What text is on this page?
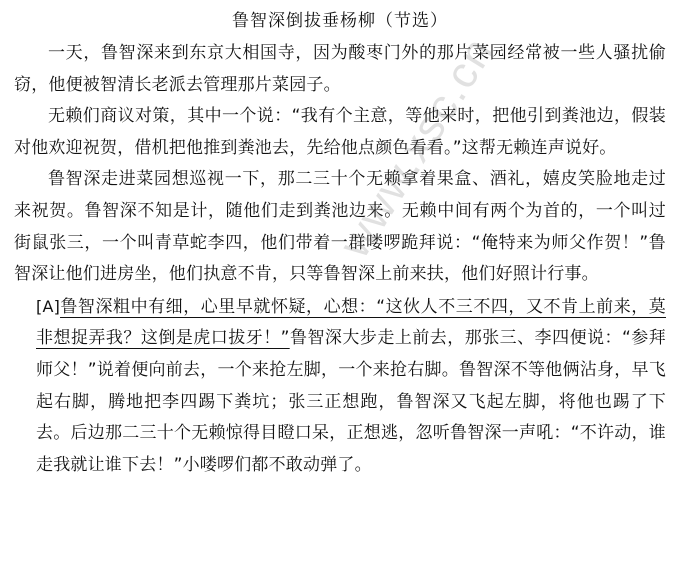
鲁智深倒拔垂杨柳（节选）

一天，鲁智深来到东京大相国寺，因为酸枣门外的那片菜园经常被一些人骚扰偷窃，他便被智清长老派去管理那片菜园子。

无赖们商议对策，其中一个说：“我有个主意，等他来时，把他引到粪池边，假装对他欢迎祝贺，借机把他推到粪池去，先给他点颜色看看。”这帮无赖连声说好。

鲁智深走进菜园想巡视一下，那二三十个无赖拿着果盒、酒礼，嬉皮笑脸地走过来祝贺。鲁智深不知是计，随他们走到粪池边来。无赖中间有两个为首的，一个叫过街鼠张三，一个叫青草蛇李四，他们带着一群喽啰跪拜说：“俺特来为师父作贺！”鲁智深让他们进房坐，他们执意不肯，只等鲁智深上前来扶，他们好照计行事。

[A]鲁智深粗中有细，心里早就怀疑，心想：“这伙人不三不四，又不肯上前来，莫非想捉弄我？这倒是虎口拔牙！”鲁智深大步走上前去，那张三、李四便说：“参拜师父！”说着便向前去，一个来抢左脚，一个来抢右脚。鲁智深不等他俩沾身，早飞起右脚，腾地把李四踢下粪坑；张三正想跑，鲁智深又飞起左脚，将他也踢了下去。后边那二三十个无赖惊得目瞪口呆，正想逃，忽听鲁智深一声吼：“不许动，谁走我就让谁下去！”小喽啰们都不敢动弹了。

www.xsc.cn
